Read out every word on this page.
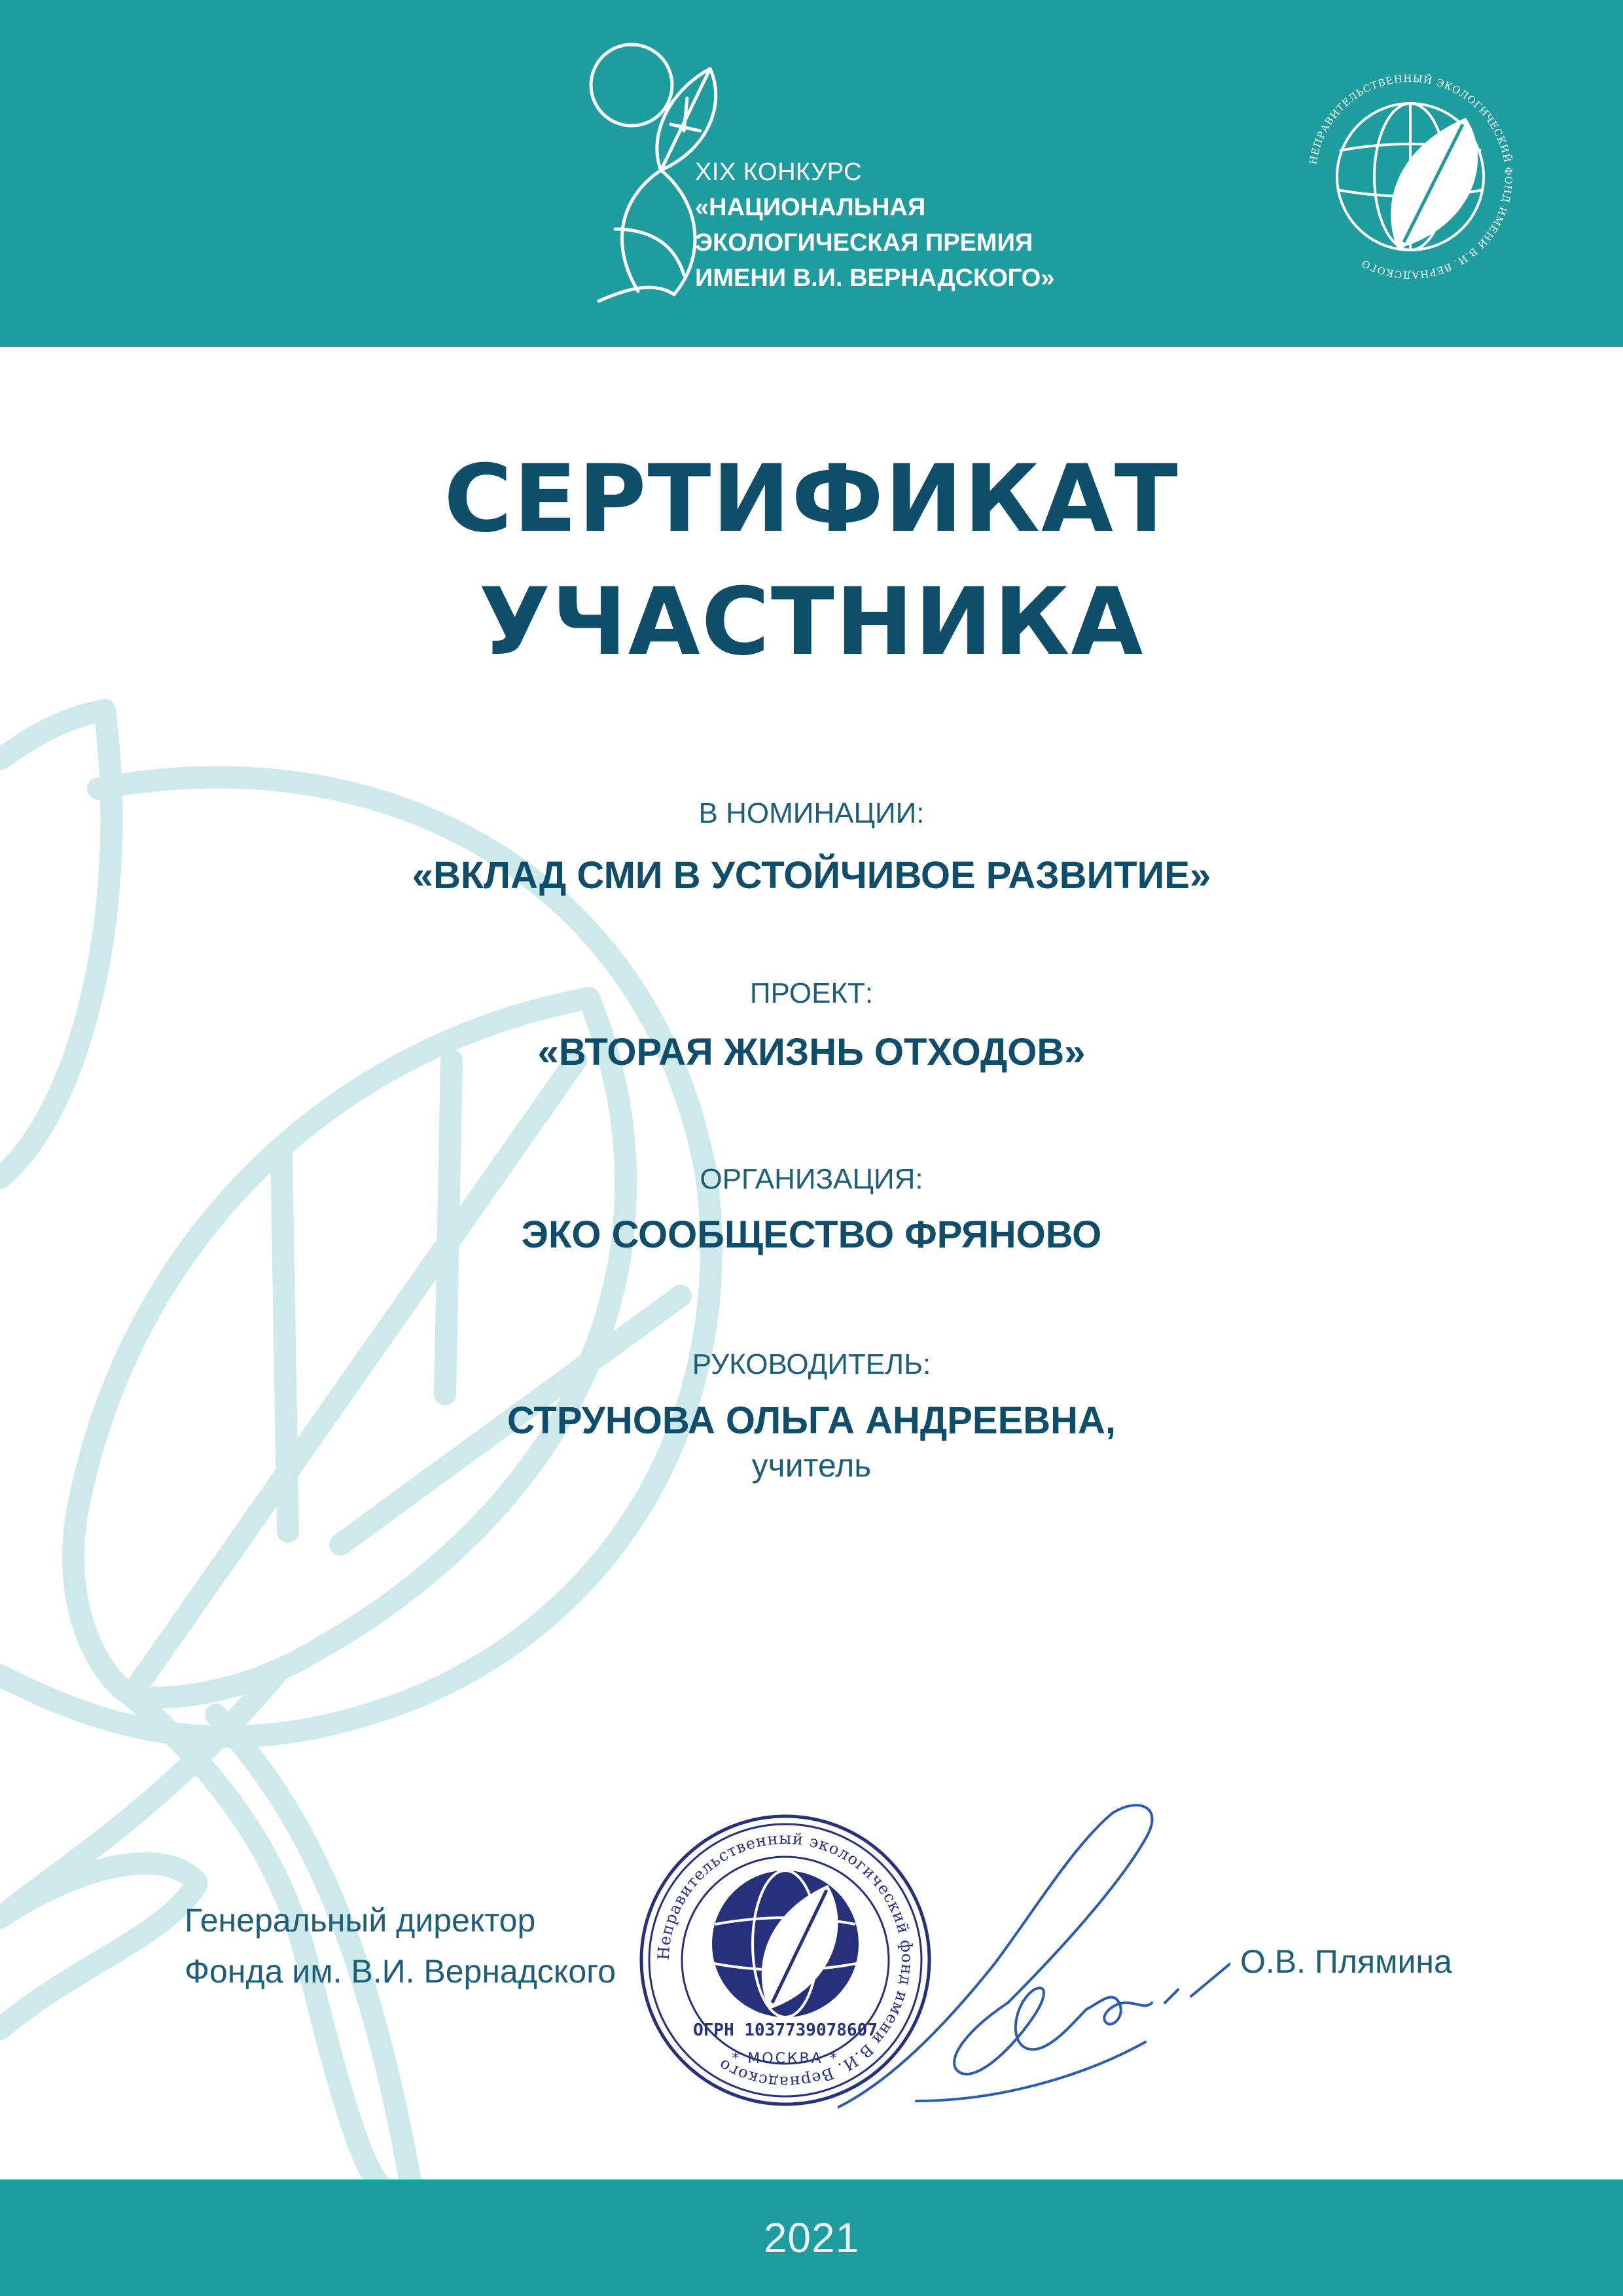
XIX КОНКУРС
«НАЦИОНАЛЬНАЯ
ЭКОЛОГИЧЕСКАЯ ПРЕМИЯ
ИМЕНИ В.И. ВЕРНАДСКОГО»
НЕПРАВИТЕЛЬСТВЕННЫЙ ЭКОЛОГИЧЕСКИЙ ФОНД ИМЕНИ В.И. ВЕРНАДСКОГО
СЕРТИФИКАТ
УЧАСТНИКА
В НОМИНАЦИИ:
«ВКЛАД СМИ В УСТОЙЧИВОЕ РАЗВИТИЕ»
ПРОЕКТ:
«ВТОРАЯ ЖИЗНЬ ОТХОДОВ»
ОРГАНИЗАЦИЯ:
ЭКО СООБЩЕСТВО ФРЯНОВО
РУКОВОДИТЕЛЬ:
СТРУНОВА ОЛЬГА АНДРЕЕВНА,
учитель
Генеральный директор
Фонда им. В.И. Вернадского	О.В. Плямина
Неправительственный экологический фонд имени В.И. Вернадского
ОГРН 1037739078607
* МОСКВА *
2021
